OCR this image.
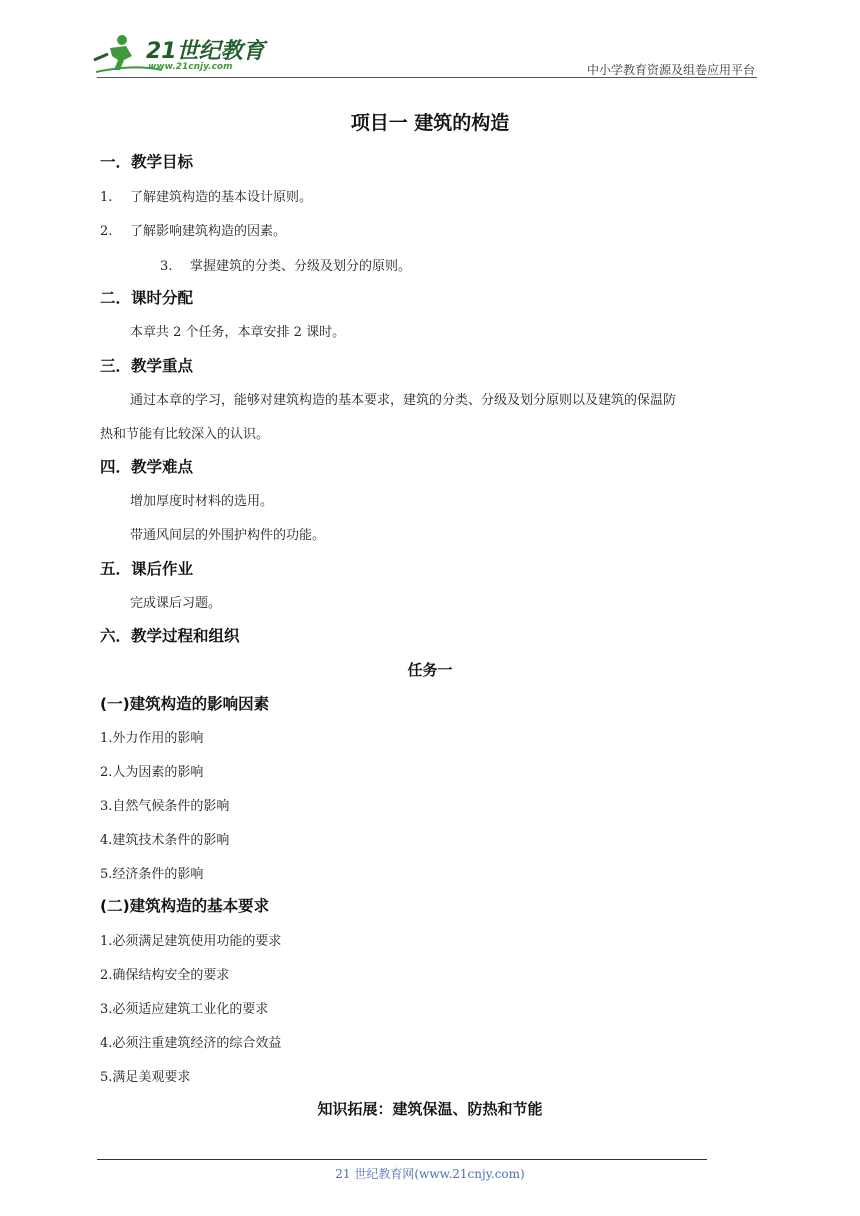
21世纪教育
www.21cnjy.com	中小学教育资源及组卷应用平台
项目一 建筑的构造
一．教学目标
1. 了解建筑构造的基本设计原则。
2. 了解影响建筑构造的因素。
3. 掌握建筑的分类、分级及划分的原则。
二．课时分配
本章共 2 个任务，本章安排 2 课时。
三．教学重点
通过本章的学习，能够对建筑构造的基本要求，建筑的分类、分级及划分原则以及建筑的保温防
热和节能有比较深入的认识。
四．教学难点
增加厚度时材料的选用。
带通风间层的外围护构件的功能。
五．课后作业
完成课后习题。
六．教学过程和组织
任务一
(一)建筑构造的影响因素
1.外力作用的影响
2.人为因素的影响
3.自然气候条件的影响
4.建筑技术条件的影响
5.经济条件的影响
(二)建筑构造的基本要求
1.必须满足建筑使用功能的要求
2.确保结构安全的要求
3.必须适应建筑工业化的要求
4.必须注重建筑经济的综合效益
5.满足美观要求
知识拓展：建筑保温、防热和节能
21 世纪教育网(www.21cnjy.com)
